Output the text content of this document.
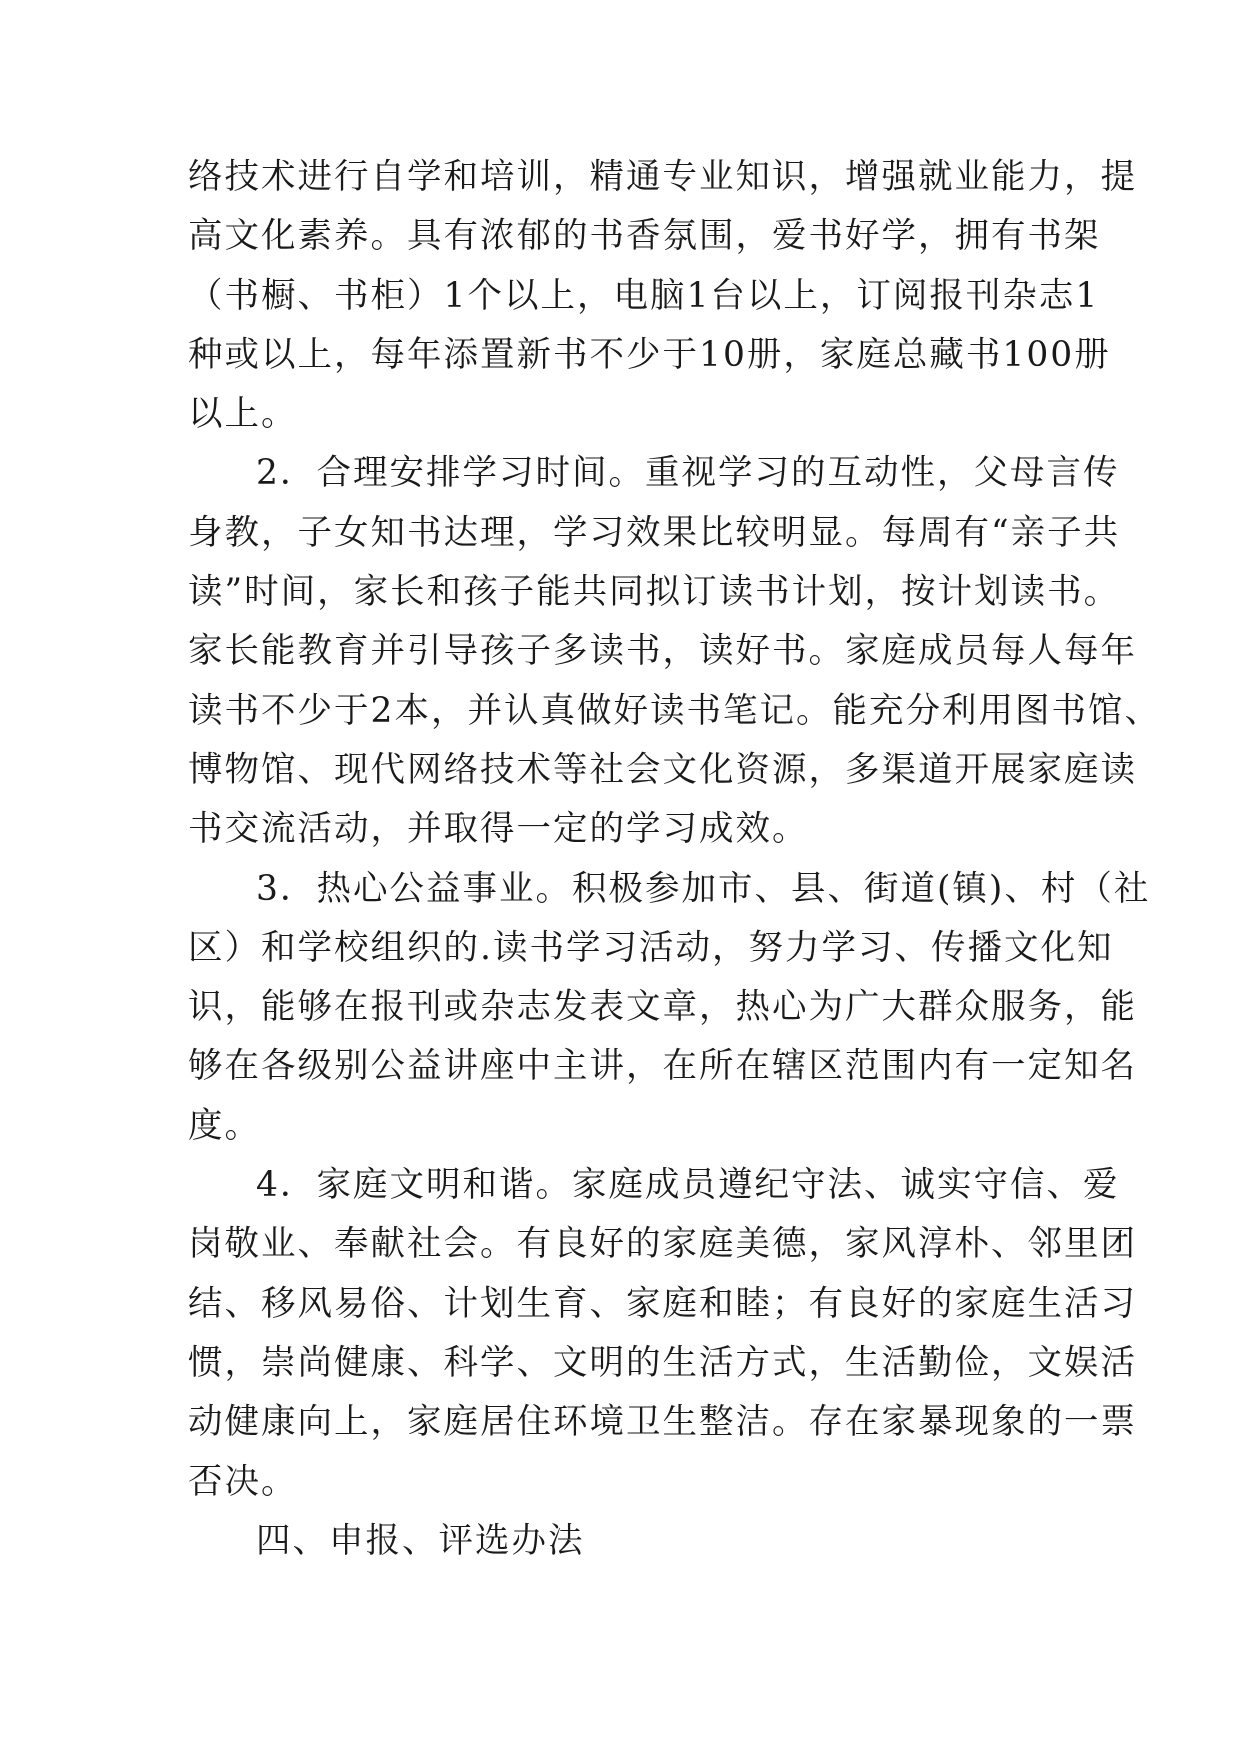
络技术进行自学和培训，精通专业知识，增强就业能力，提
高文化素养。具有浓郁的书香氛围，爱书好学，拥有书架
（书橱、书柜）1个以上，电脑1台以上，订阅报刊杂志1
种或以上，每年添置新书不少于10册，家庭总藏书100册
以上。
2．合理安排学习时间。重视学习的互动性，父母言传
身教，子女知书达理，学习效果比较明显。每周有“亲子共
读”时间，家长和孩子能共同拟订读书计划，按计划读书。
家长能教育并引导孩子多读书，读好书。家庭成员每人每年
读书不少于2本，并认真做好读书笔记。能充分利用图书馆、
博物馆、现代网络技术等社会文化资源，多渠道开展家庭读
书交流活动，并取得一定的学习成效。
3．热心公益事业。积极参加市、县、街道(镇)、村（社
区）和学校组织的.读书学习活动，努力学习、传播文化知
识，能够在报刊或杂志发表文章，热心为广大群众服务，能
够在各级别公益讲座中主讲，在所在辖区范围内有一定知名
度。
4．家庭文明和谐。家庭成员遵纪守法、诚实守信、爱
岗敬业、奉献社会。有良好的家庭美德，家风淳朴、邻里团
结、移风易俗、计划生育、家庭和睦；有良好的家庭生活习
惯，崇尚健康、科学、文明的生活方式，生活勤俭，文娱活
动健康向上，家庭居住环境卫生整洁。存在家暴现象的一票
否决。
四、申报、评选办法
